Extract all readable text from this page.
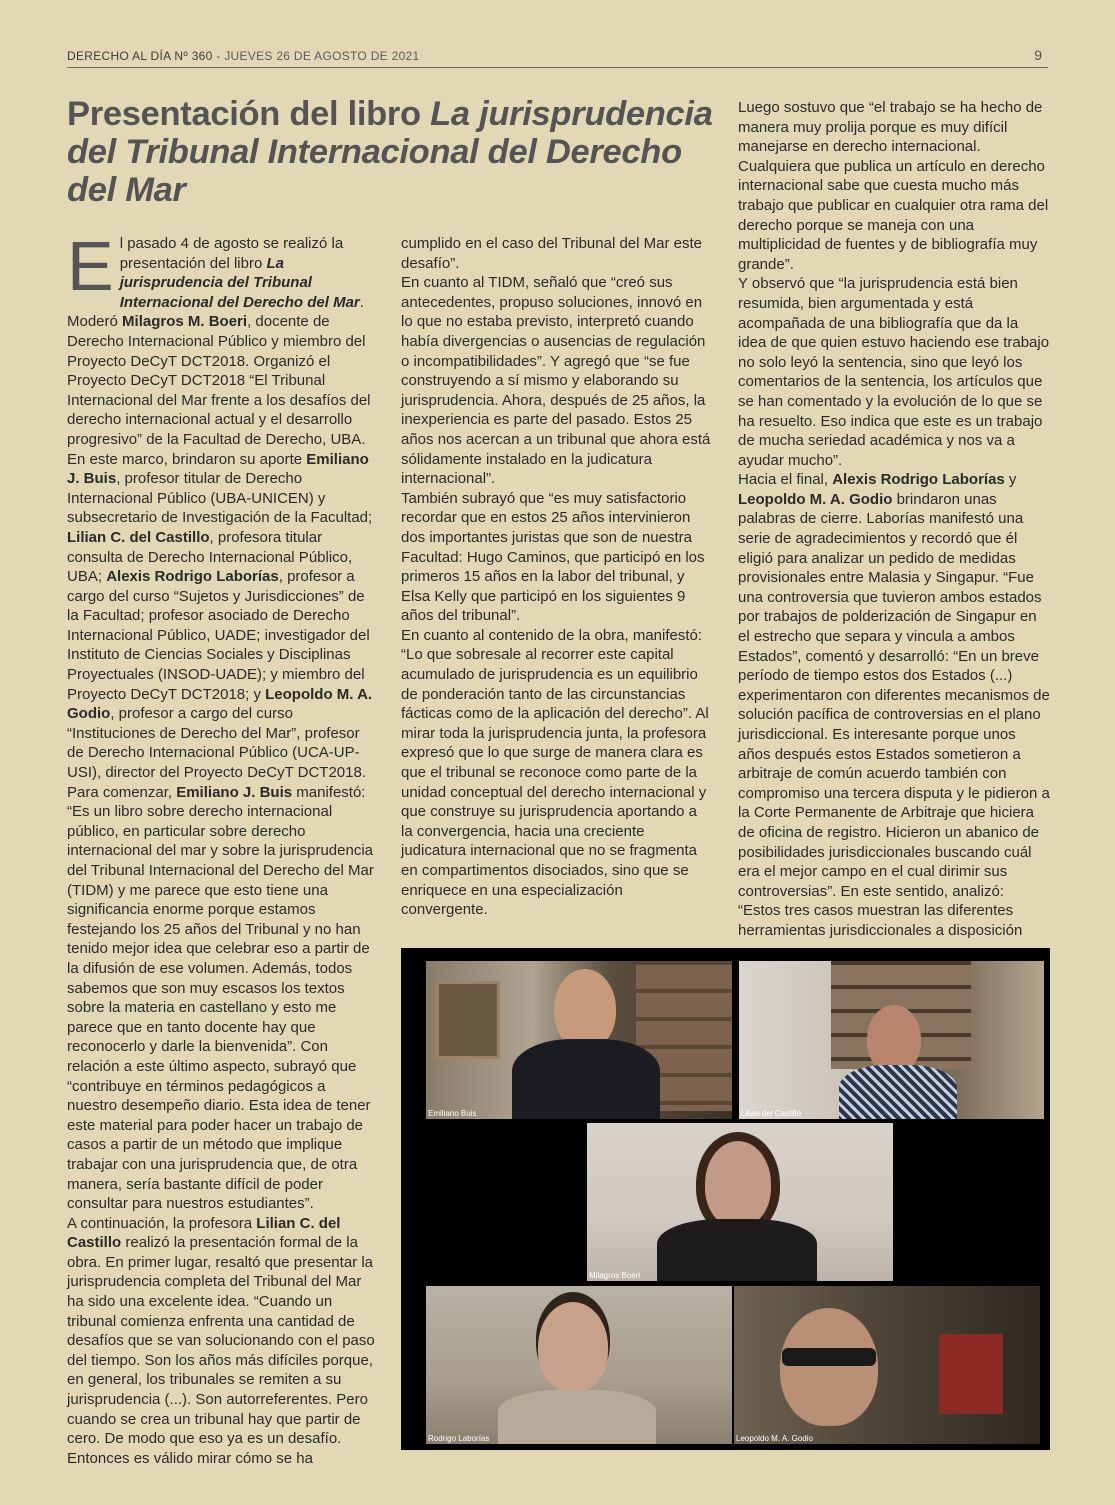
DERECHO AL DÍA Nº 360 - JUEVES 26 DE AGOSTO DE 2021	9
Presentación del libro La jurisprudencia del Tribunal Internacional del Derecho del Mar

El pasado 4 de agosto se realizó la presentación del libro La jurisprudencia del Tribunal Internacional del Derecho del Mar. Moderó Milagros M. Boeri, docente de Derecho Internacional Público y miembro del Proyecto DeCyT DCT2018. Organizó el Proyecto DeCyT DCT2018 “El Tribunal Internacional del Mar frente a los desafíos del derecho internacional actual y el desarrollo progresivo” de la Facultad de Derecho, UBA.

En este marco, brindaron su aporte Emiliano J. Buis, profesor titular de Derecho Internacional Público (UBA-UNICEN) y subsecretario de Investigación de la Facultad; Lilian C. del Castillo, profesora titular consulta de Derecho Internacional Público, UBA; Alexis Rodrigo Laborías, profesor a cargo del curso “Sujetos y Jurisdicciones” de la Facultad; profesor asociado de Derecho Internacional Público, UADE; investigador del Instituto de Ciencias Sociales y Disciplinas Proyectuales (INSOD-UADE); y miembro del Proyecto DeCyT DCT2018; y Leopoldo M. A. Godio, profesor a cargo del curso “Instituciones de Derecho del Mar”, profesor de Derecho Internacional Público (UCA-UP-USI), director del Proyecto DeCyT DCT2018.

Para comenzar, Emiliano J. Buis manifestó: “Es un libro sobre derecho internacional público, en particular sobre derecho internacional del mar y sobre la jurisprudencia del Tribunal Internacional del Derecho del Mar (TIDM) y me parece que esto tiene una significancia enorme porque estamos festejando los 25 años del Tribunal y no han tenido mejor idea que celebrar eso a partir de la difusión de ese volumen. Además, todos sabemos que son muy escasos los textos sobre la materia en castellano y esto me parece que en tanto docente hay que reconocerlo y darle la bienvenida”. Con relación a este último aspecto, subrayó que “contribuye en términos pedagógicos a nuestro desempeño diario. Esta idea de tener este material para poder hacer un trabajo de casos a partir de un método que implique trabajar con una jurisprudencia que, de otra manera, sería bastante difícil de poder consultar para nuestros estudiantes”.

A continuación, la profesora Lilian C. del Castillo realizó la presentación formal de la obra. En primer lugar, resaltó que presentar la jurisprudencia completa del Tribunal del Mar ha sido una excelente idea. “Cuando un tribunal comienza enfrenta una cantidad de desafíos que se van solucionando con el paso del tiempo. Son los años más difíciles porque, en general, los tribunales se remiten a su jurisprudencia (...). Son autorreferentes. Pero cuando se crea un tribunal hay que partir de cero. De modo que eso ya es un desafío. Entonces es válido mirar cómo se ha

cumplido en el caso del Tribunal del Mar este desafío”.

En cuanto al TIDM, señaló que “creó sus antecedentes, propuso soluciones, innovó en lo que no estaba previsto, interpretó cuando había divergencias o ausencias de regulación o incompatibilidades”. Y agregó que “se fue construyendo a sí mismo y elaborando su jurisprudencia. Ahora, después de 25 años, la inexperiencia es parte del pasado. Estos 25 años nos acercan a un tribunal que ahora está sólidamente instalado en la judicatura internacional”.

También subrayó que “es muy satisfactorio recordar que en estos 25 años intervinieron dos importantes juristas que son de nuestra Facultad: Hugo Caminos, que participó en los primeros 15 años en la labor del tribunal, y Elsa Kelly que participó en los siguientes 9 años del tribunal”.

En cuanto al contenido de la obra, manifestó: “Lo que sobresale al recorrer este capital acumulado de jurisprudencia es un equilibrio de ponderación tanto de las circunstancias fácticas como de la aplicación del derecho”. Al mirar toda la jurisprudencia junta, la profesora expresó que lo que surge de manera clara es que el tribunal se reconoce como parte de la unidad conceptual del derecho internacional y que construye su jurisprudencia aportando a la convergencia, hacia una creciente judicatura internacional que no se fragmenta en compartimentos disociados, sino que se enriquece en una especialización convergente.

Luego sostuvo que “el trabajo se ha hecho de manera muy prolija porque es muy difícil manejarse en derecho internacional. Cualquiera que publica un artículo en derecho internacional sabe que cuesta mucho más trabajo que publicar en cualquier otra rama del derecho porque se maneja con una multiplicidad de fuentes y de bibliografía muy grande”.

Y observó que “la jurisprudencia está bien resumida, bien argumentada y está acompañada de una bibliografía que da la idea de que quien estuvo haciendo ese trabajo no solo leyó la sentencia, sino que leyó los comentarios de la sentencia, los artículos que se han comentado y la evolución de lo que se ha resuelto. Eso indica que este es un trabajo de mucha seriedad académica y nos va a ayudar mucho”.

Hacia el final, Alexis Rodrigo Laborías y Leopoldo M. A. Godio brindaron unas palabras de cierre. Laborías manifestó una serie de agradecimientos y recordó que él eligió para analizar un pedido de medidas provisionales entre Malasia y Singapur. “Fue una controversia que tuvieron ambos estados por trabajos de polderización de Singapur en el estrecho que separa y vincula a ambos Estados”, comentó y desarrolló: “En un breve período de tiempo estos dos Estados (...) experimentaron con diferentes mecanismos de solución pacífica de controversias en el plano jurisdiccional. Es interesante porque unos años después estos Estados sometieron a arbitraje de común acuerdo también con compromiso una tercera disputa y le pidieron a la Corte Permanente de Arbitraje que hiciera de oficina de registro. Hicieron un abanico de posibilidades jurisdiccionales buscando cuál era el mejor campo en el cual dirimir sus controversias”. En este sentido, analizó: “Estos tres casos muestran las diferentes herramientas jurisdiccionales a disposición

Emiliano Buis	Lilian del Castillo
Milagros Boeri
Rodrigo Laborías	Leopoldo M. A. Godio
